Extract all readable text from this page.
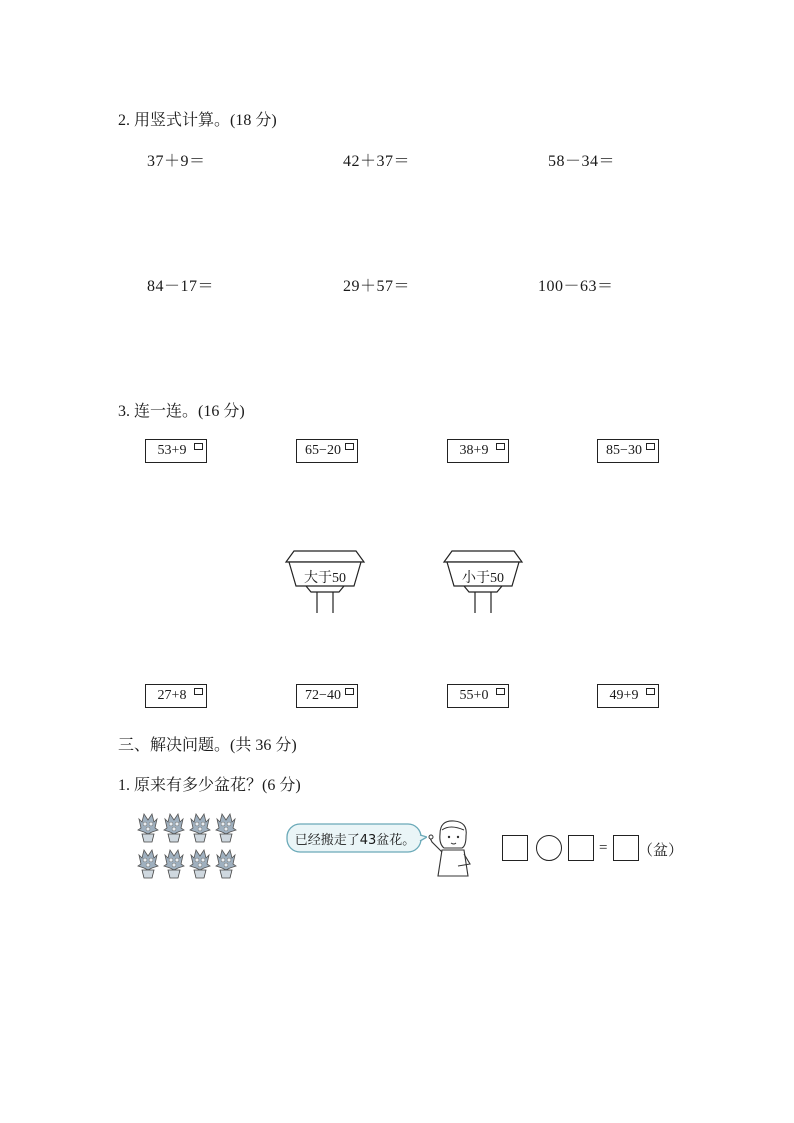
2. 用竖式计算。(18 分)
37＋9＝	42＋37＝	58－34＝
84－17＝	29＋57＝	100－63＝
3. 连一连。(16 分)
53+9	65−20	38+9	85−30
大于50	小于50
27+8	72−40	55+0	49+9
三、解决问题。(共 36 分)
1. 原来有多少盆花？(6 分)
已经搬走了43盆花。	= （盆）
